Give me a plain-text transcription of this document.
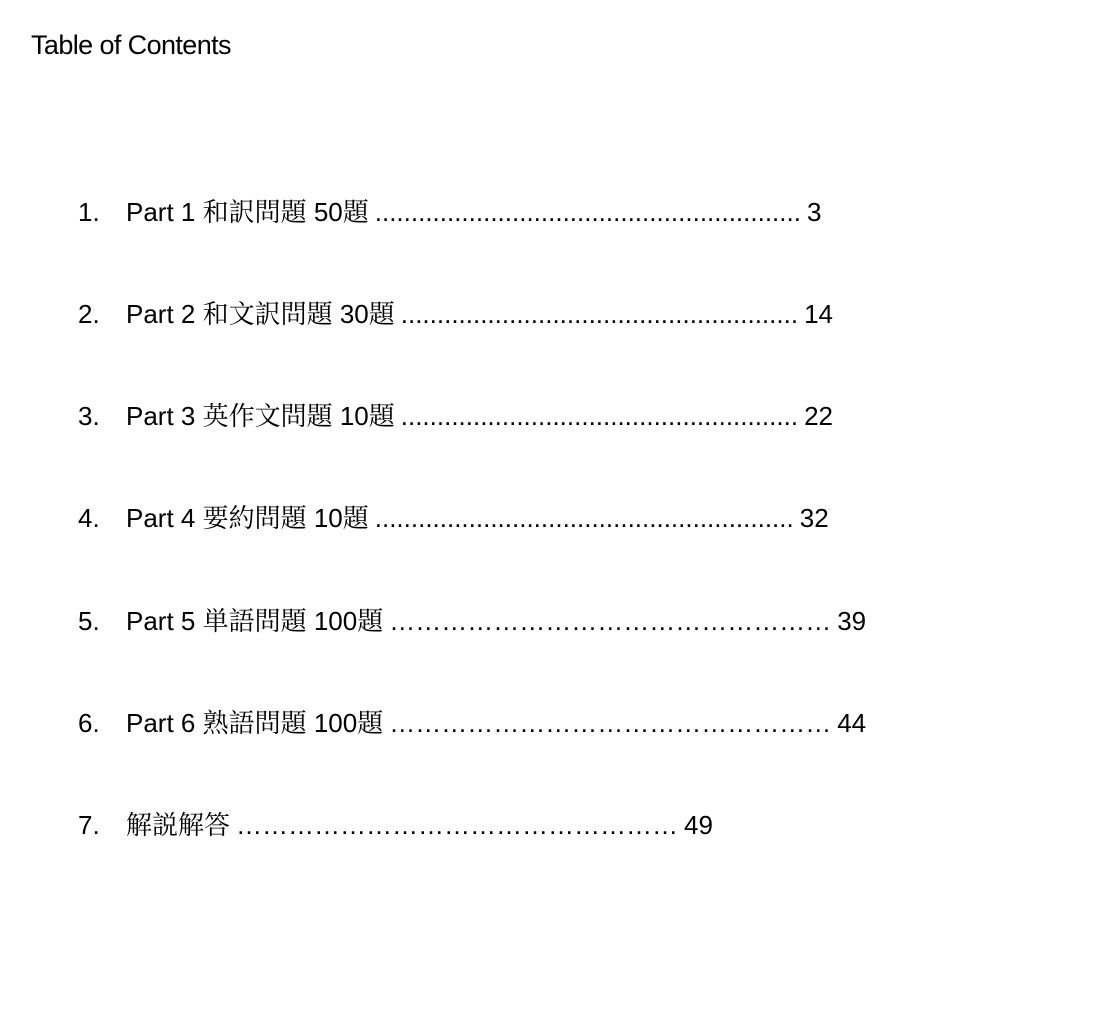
Table of Contents
1. Part 1 和訳問題 50題 ........................................................... 3
2. Part 2 和文訳問題 30題 ....................................................... 14
3. Part 3 英作文問題 10題 ....................................................... 22
4. Part 4 要約問題 10題 .......................................................... 32
5. Part 5 単語問題 100題 …………………………………………… 39
6. Part 6 熟語問題 100題 …………………………………………… 44
7. 解説解答 …………………………………………… 49
